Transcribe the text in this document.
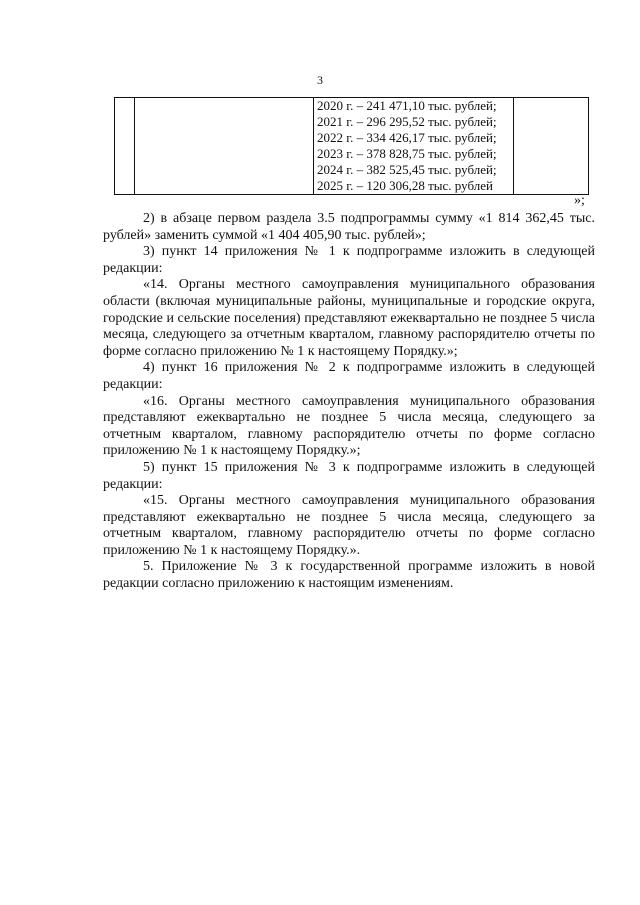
3

2020 г. – 241 471,10 тыс. рублей;
2021 г. – 296 295,52 тыс. рублей;
2022 г. – 334 426,17 тыс. рублей;
2023 г. – 378 828,75 тыс. рублей;
2024 г. – 382 525,45 тыс. рублей;
2025 г. – 120 306,28 тыс. рублей

»;

2) в абзаце первом раздела 3.5 подпрограммы сумму «1 814 362,45 тыс. рублей» заменить суммой «1 404 405,90 тыс. рублей»;

3) пункт 14 приложения № 1 к подпрограмме изложить в следующей редакции:

«14. Органы местного самоуправления муниципального образования области (включая муниципальные районы, муниципальные и городские округа, городские и сельские поселения) представляют ежеквартально не позднее 5 числа месяца, следующего за отчетным кварталом, главному распорядителю отчеты по форме согласно приложению № 1 к настоящему Порядку.»;

4) пункт 16 приложения № 2 к подпрограмме изложить в следующей редакции:

«16. Органы местного самоуправления муниципального образования представляют ежеквартально не позднее 5 числа месяца, следующего за отчетным кварталом, главному распорядителю отчеты по форме согласно приложению № 1 к настоящему Порядку.»;

5) пункт 15 приложения № 3 к подпрограмме изложить в следующей редакции:

«15. Органы местного самоуправления муниципального образования представляют ежеквартально не позднее 5 числа месяца, следующего за отчетным кварталом, главному распорядителю отчеты по форме согласно приложению № 1 к настоящему Порядку.».

5. Приложение № 3 к государственной программе изложить в новой редакции согласно приложению к настоящим изменениям.
